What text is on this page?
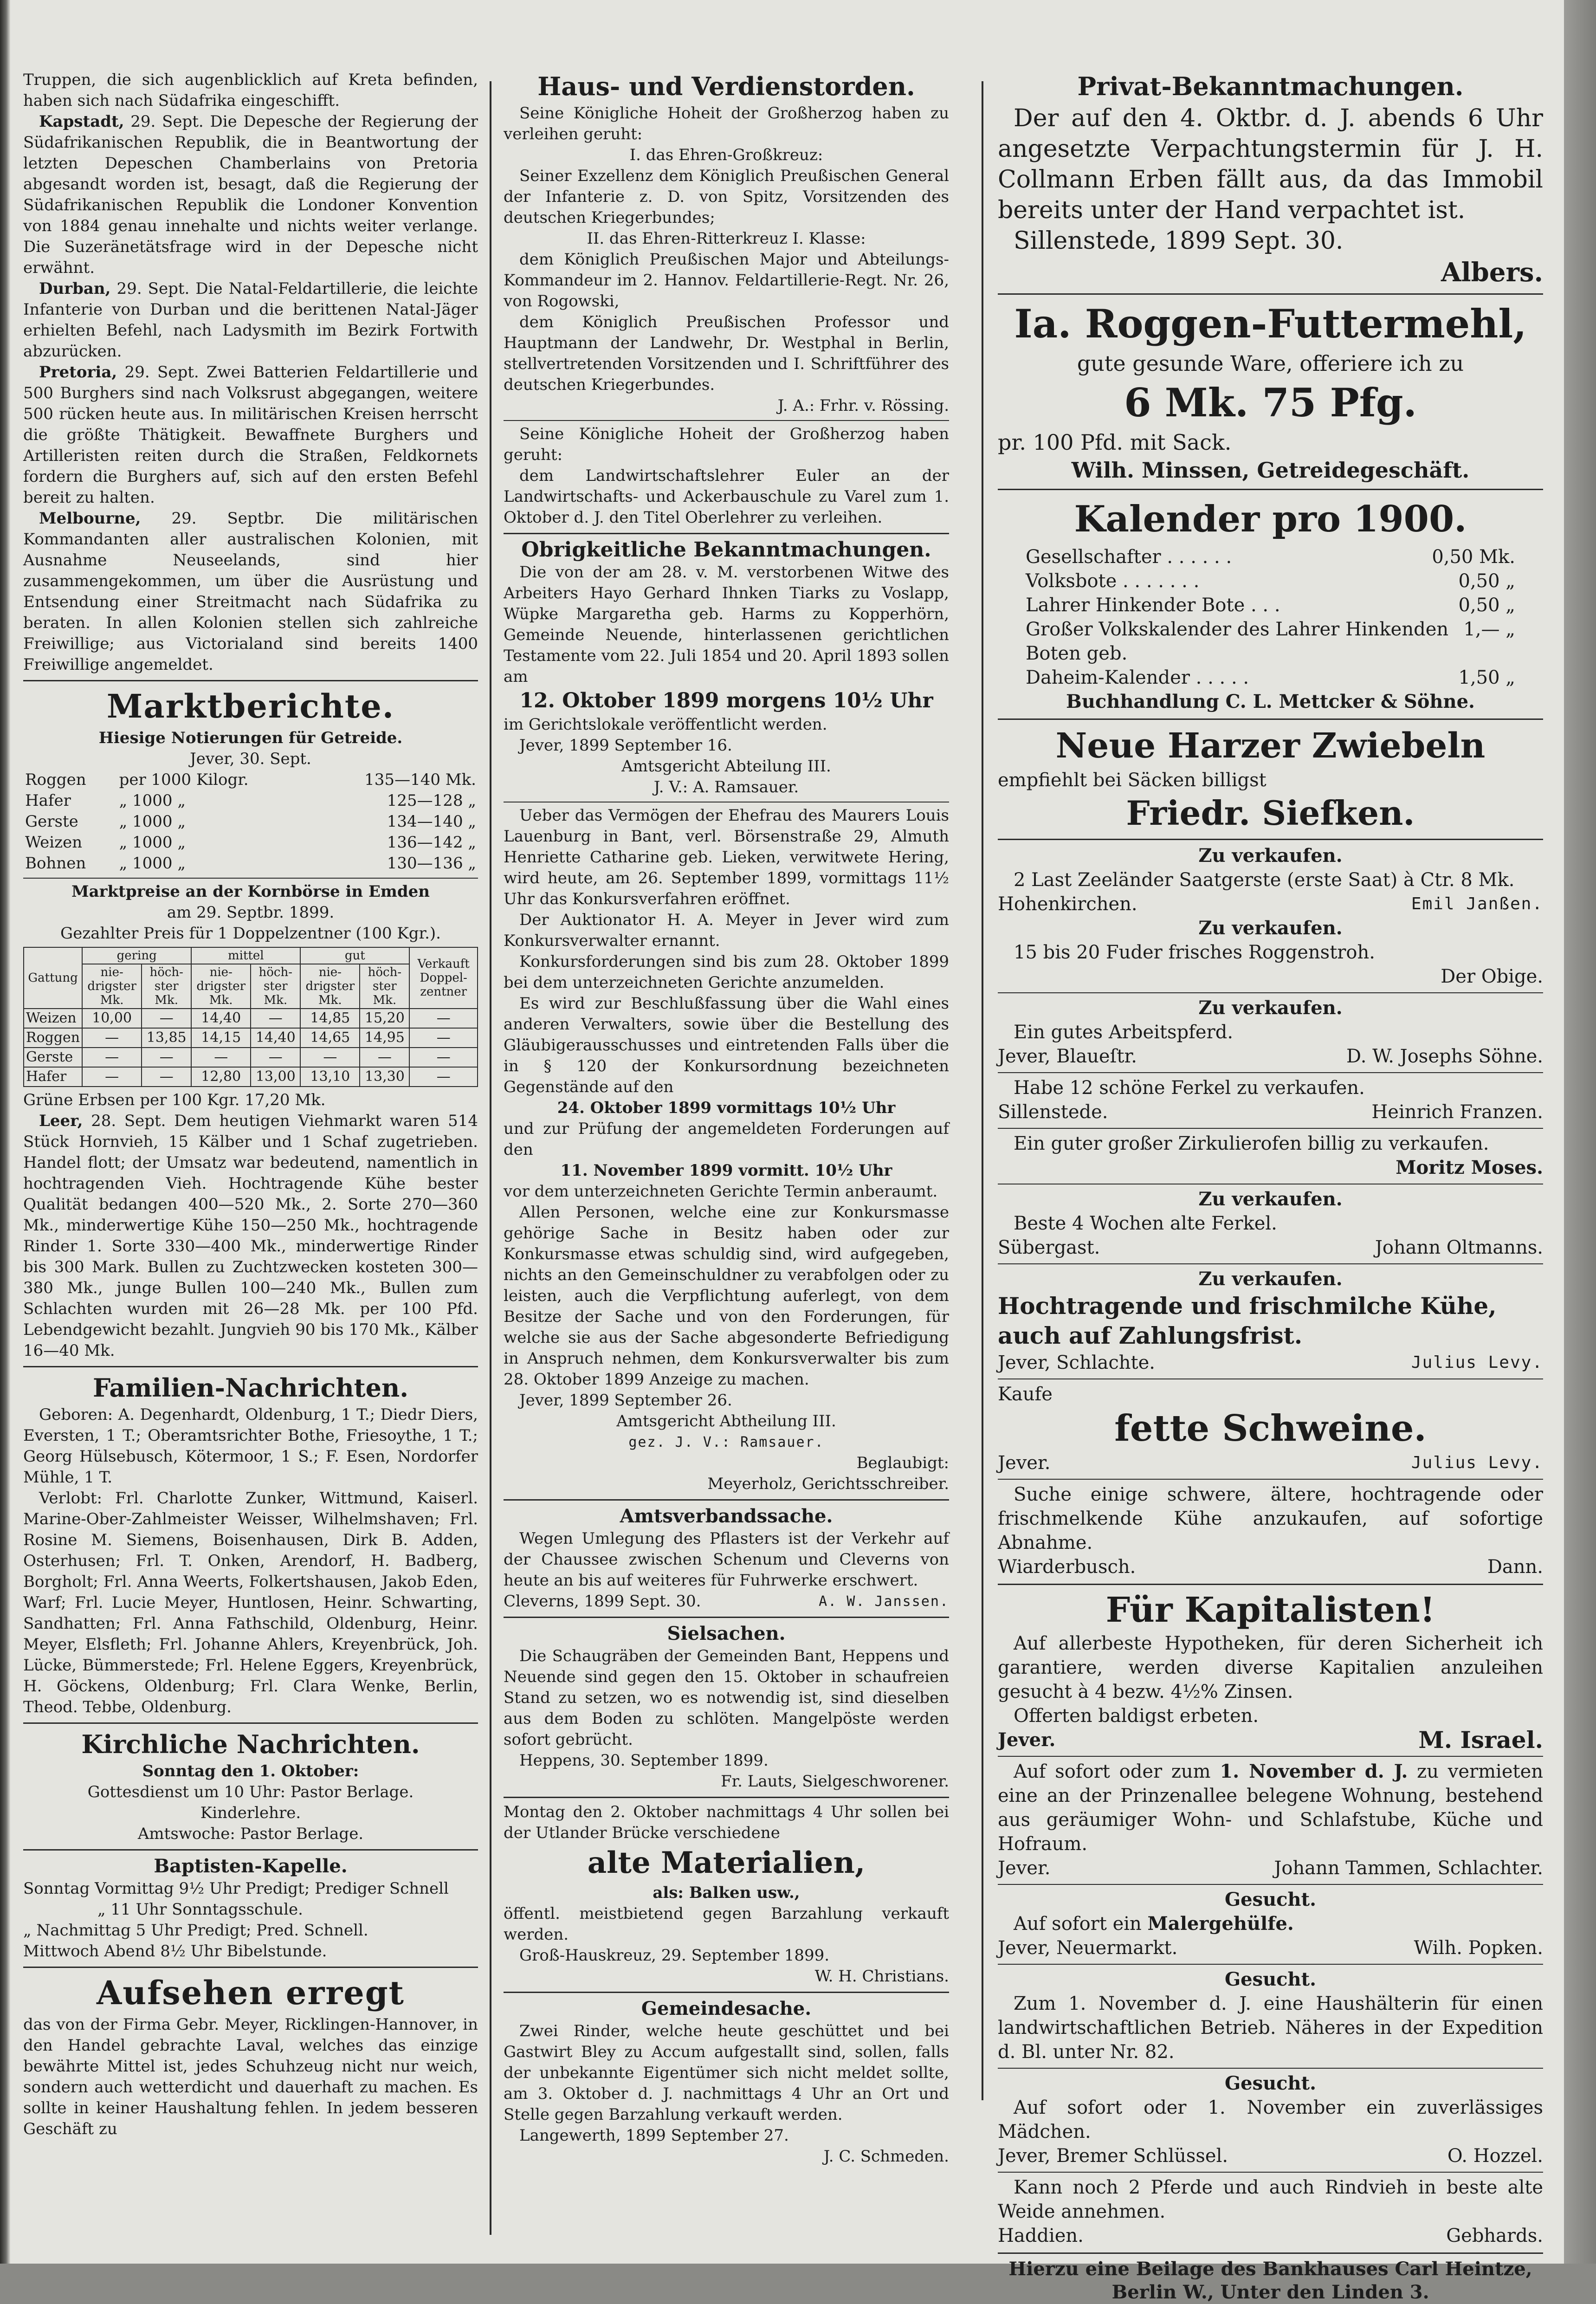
Truppen, die sich augenblicklich auf Kreta befinden, haben sich nach Südafrika eingeschifft.

Kapstadt, 29. Sept. Die Depesche der Regierung der Südafrikanischen Republik, die in Beantwortung der letzten Depeschen Chamberlains von Pretoria abgesandt worden ist, besagt, daß die Regierung der Südafrikanischen Republik die Londoner Konvention von 1884 genau innehalte und nichts weiter verlange. Die Suzeränetätsfrage wird in der Depesche nicht erwähnt.

Durban, 29. Sept. Die Natal-Feldartillerie, die leichte Infanterie von Durban und die berittenen Natal-Jäger erhielten Befehl, nach Ladysmith im Bezirk Fortwith abzurücken.

Pretoria, 29. Sept. Zwei Batterien Feldartillerie und 500 Burghers sind nach Volksrust abgegangen, weitere 500 rücken heute aus. In militärischen Kreisen herrscht die größte Thätigkeit. Bewaffnete Burghers und Artilleristen reiten durch die Straßen, Feldkornets fordern die Burghers auf, sich auf den ersten Befehl bereit zu halten.

Melbourne, 29. Septbr. Die militärischen Kommandanten aller australischen Kolonien, mit Ausnahme Neuseelands, sind hier zusammengekommen, um über die Ausrüstung und Entsendung einer Streitmacht nach Südafrika zu beraten. In allen Kolonien stellen sich zahlreiche Freiwillige; aus Victorialand sind bereits 1400 Freiwillige angemeldet.

Marktberichte.
Hiesige Notierungen für Getreide.
Jever, 30. Sept.
Roggen	per 1000 Kilogr.	135—140 Mk.
Hafer	„ 1000 „	125—128 „
Gerste	„ 1000 „	134—140 „
Weizen	„ 1000 „	136—142 „
Bohnen	„ 1000 „	130—136 „
Marktpreise an der Kornbörse in Emden
am 29. Septbr. 1899.
Gezahlter Preis für 1 Doppelzentner (100 Kgr.).
Gattung	gering		mittel		gut		Verkauft Doppel-zentner
	nie-drigster Mk.	höch-ster Mk.	nie-drigster Mk.	höch-ster Mk.	nie-drigster Mk.	höch-ster Mk.	
Weizen	10,00	—	14,40	—	14,85	15,20	—
Roggen	—	13,85	14,15	14,40	14,65	14,95	—
Gerste	—	—	—	—	—	—	—
Hafer	—	—	12,80	13,00	13,10	13,30	—

Grüne Erbsen per 100 Kgr. 17,20 Mk.

Leer, 28. Sept. Dem heutigen Viehmarkt waren 514 Stück Hornvieh, 15 Kälber und 1 Schaf zugetrieben. Handel flott; der Umsatz war bedeutend, namentlich in hochtragenden Vieh. Hochtragende Kühe bester Qualität bedangen 400—520 Mk., 2. Sorte 270—360 Mk., minderwertige Kühe 150—250 Mk., hochtragende Rinder 1. Sorte 330—400 Mk., minderwertige Rinder bis 300 Mark. Bullen zu Zuchtzwecken kosteten 300—380 Mk., junge Bullen 100—240 Mk., Bullen zum Schlachten wurden mit 26—28 Mk. per 100 Pfd. Lebendgewicht bezahlt. Jungvieh 90 bis 170 Mk., Kälber 16—40 Mk.

Familien-Nachrichten.

Geboren: A. Degenhardt, Oldenburg, 1 T.; Diedr Diers, Eversten, 1 T.; Oberamtsrichter Bothe, Friesoythe, 1 T.; Georg Hülsebusch, Kötermoor, 1 S.; F. Esen, Nordorfer Mühle, 1 T.

Verlobt: Frl. Charlotte Zunker, Wittmund, Kaiserl. Marine-Ober-Zahlmeister Weisser, Wilhelmshaven; Frl. Rosine M. Siemens, Boisenhausen, Dirk B. Adden, Osterhusen; Frl. T. Onken, Arendorf, H. Badberg, Borgholt; Frl. Anna Weerts, Folkertshausen, Jakob Eden, Warf; Frl. Lucie Meyer, Huntlosen, Heinr. Schwarting, Sandhatten; Frl. Anna Fathschild, Oldenburg, Heinr. Meyer, Elsfleth; Frl. Johanne Ahlers, Kreyenbrück, Joh. Lücke, Bümmerstede; Frl. Helene Eggers, Kreyenbrück, H. Göckens, Oldenburg; Frl. Clara Wenke, Berlin, Theod. Tebbe, Oldenburg.

Kirchliche Nachrichten.
Sonntag den 1. Oktober:
Gottesdienst um 10 Uhr: Pastor Berlage.
Kinderlehre.
Amtswoche: Pastor Berlage.
Baptisten-Kapelle.
Sonntag Vormittag 9½ Uhr Predigt; Prediger Schnell
„ 11 Uhr Sonntagsschule.
„ Nachmittag 5 Uhr Predigt; Pred. Schnell.
Mittwoch Abend 8½ Uhr Bibelstunde.
Aufsehen erregt

das von der Firma Gebr. Meyer, Ricklingen-Hannover, in den Handel gebrachte Laval, welches das einzige bewährte Mittel ist, jedes Schuhzeug nicht nur weich, sondern auch wetterdicht und dauerhaft zu machen. Es sollte in keiner Haushaltung fehlen. In jedem besseren Geschäft zu

Haus- und Verdienstorden.

Seine Königliche Hoheit der Großherzog haben zu verleihen geruht:

I. das Ehren-Großkreuz:

Seiner Exzellenz dem Königlich Preußischen General der Infanterie z. D. von Spitz, Vorsitzenden des deutschen Kriegerbundes;

II. das Ehren-Ritterkreuz I. Klasse:

dem Königlich Preußischen Major und Abteilungs-Kommandeur im 2. Hannov. Feldartillerie-Regt. Nr. 26, von Rogowski,

dem Königlich Preußischen Professor und Hauptmann der Landwehr, Dr. Westphal in Berlin, stellvertretenden Vorsitzenden und I. Schriftführer des deutschen Kriegerbundes.

J. A.: Frhr. v. Rössing.

Seine Königliche Hoheit der Großherzog haben geruht:

dem Landwirtschaftslehrer Euler an der Landwirtschafts- und Ackerbauschule zu Varel zum 1. Oktober d. J. den Titel Oberlehrer zu verleihen.

Obrigkeitliche Bekanntmachungen.

Die von der am 28. v. M. verstorbenen Witwe des Arbeiters Hayo Gerhard Ihnken Tiarks zu Voslapp, Wüpke Margaretha geb. Harms zu Kopperhörn, Gemeinde Neuende, hinterlassenen gerichtlichen Testamente vom 22. Juli 1854 und 20. April 1893 sollen am

12. Oktober 1899 morgens 10½ Uhr

im Gerichtslokale veröffentlicht werden.

Jever, 1899 September 16.
Amtsgericht Abteilung III.
J. V.: A. Ramsauer.

Ueber das Vermögen der Ehefrau des Maurers Louis Lauenburg in Bant, verl. Börsenstraße 29, Almuth Henriette Catharine geb. Lieken, verwitwete Hering, wird heute, am 26. September 1899, vormittags 11½ Uhr das Konkursverfahren eröffnet.

Der Auktionator H. A. Meyer in Jever wird zum Konkursverwalter ernannt.

Konkursforderungen sind bis zum 28. Oktober 1899 bei dem unterzeichneten Gerichte anzumelden.

Es wird zur Beschlußfassung über die Wahl eines anderen Verwalters, sowie über die Bestellung des Gläubigerausschusses und eintretenden Falls über die in § 120 der Konkursordnung bezeichneten Gegenstände auf den

24. Oktober 1899 vormittags 10½ Uhr

und zur Prüfung der angemeldeten Forderungen auf den

11. November 1899 vormitt. 10½ Uhr

vor dem unterzeichneten Gerichte Termin anberaumt.

Allen Personen, welche eine zur Konkursmasse gehörige Sache in Besitz haben oder zur Konkursmasse etwas schuldig sind, wird aufgegeben, nichts an den Gemeinschuldner zu verabfolgen oder zu leisten, auch die Verpflichtung auferlegt, von dem Besitze der Sache und von den Forderungen, für welche sie aus der Sache abgesonderte Befriedigung in Anspruch nehmen, dem Konkursverwalter bis zum 28. Oktober 1899 Anzeige zu machen.

Jever, 1899 September 26.
Amtsgericht Abtheilung III.
gez. J. V.: Ramsauer.
Beglaubigt:
Meyerholz, Gerichtsschreiber.
Amtsverbandssache.

Wegen Umlegung des Pflasters ist der Verkehr auf der Chaussee zwischen Schenum und Cleverns von heute an bis auf weiteres für Fuhrwerke erschwert.

Cleverns, 1899 Sept. 30.	A. W. Janssen.
Sielsachen.

Die Schaugräben der Gemeinden Bant, Heppens und Neuende sind gegen den 15. Oktober in schaufreien Stand zu setzen, wo es notwendig ist, sind dieselben aus dem Boden zu schlöten. Mangelpöste werden sofort gebrücht.

Heppens, 30. September 1899.
Fr. Lauts, Sielgeschworener.

Montag den 2. Oktober nachmittags 4 Uhr sollen bei der Utlander Brücke verschiedene

alte Materialien,
als: Balken usw.,

öffentl. meistbietend gegen Barzahlung verkauft werden.

Groß-Hauskreuz, 29. September 1899.
W. H. Christians.
Gemeindesache.

Zwei Rinder, welche heute geschüttet und bei Gastwirt Bley zu Accum aufgestallt sind, sollen, falls der unbekannte Eigentümer sich nicht meldet sollte, am 3. Oktober d. J. nachmittags 4 Uhr an Ort und Stelle gegen Barzahlung verkauft werden.

Langewerth, 1899 September 27.
J. C. Schmeden.
Privat-Bekanntmachungen.

Der auf den 4. Oktbr. d. J. abends 6 Uhr angesetzte Verpachtungstermin für J. H. Collmann Erben fällt aus, da das Immobil bereits unter der Hand verpachtet ist.

Sillenstede, 1899 Sept. 30.
Albers.
Ia. Roggen-Futtermehl,
gute gesunde Ware, offeriere ich zu
6 Mk. 75 Pfg.
pr. 100 Pfd. mit Sack.
Wilh. Minssen, Getreidegeschäft.
Kalender pro 1900.
Gesellschafter . . . . . .	0,50 Mk.
Volksbote . . . . . . .	0,50 „
Lahrer Hinkender Bote . . .	0,50 „
Großer Volkskalender des Lahrer Hinkenden Boten geb.
1,— „
Daheim-Kalender . . . . .	1,50 „
Buchhandlung C. L. Mettcker & Söhne.
Neue Harzer Zwiebeln
empfiehlt bei Säcken billigst
Friedr. Siefken.
Zu verkaufen.

2 Last Zeeländer Saatgerste (erste Saat) à Ctr. 8 Mk.

Hohenkirchen.	Emil Janßen.
Zu verkaufen.

15 bis 20 Fuder frisches Roggenstroh.

Der Obige.
Zu verkaufen.

Ein gutes Arbeitspferd.

Jever, Blaueſtr.	D. W. Josephs Söhne.

Habe 12 schöne Ferkel zu verkaufen.

Sillenstede.	Heinrich Franzen.

Ein guter großer Zirkulierofen billig zu verkaufen.

Moritz Moses.
Zu verkaufen.

Beste 4 Wochen alte Ferkel.

Sübergast.	Johann Oltmanns.
Zu verkaufen.
Hochtragende und frischmilche Kühe, auch auf Zahlungsfrist.
Jever, Schlachte.	Julius Levy.
Kaufe
fette Schweine.
Jever.	Julius Levy.

Suche einige schwere, ältere, hochtragende oder frischmelkende Kühe anzukaufen, auf sofortige Abnahme.

Wiarderbusch.	Dann.
Für Kapitalisten!

Auf allerbeste Hypotheken, für deren Sicherheit ich garantiere, werden diverse Kapitalien anzuleihen gesucht à 4 bezw. 4½% Zinsen.

Offerten baldigst erbeten.
Jever.	M. Israel.

Auf sofort oder zum 1. November d. J. zu vermieten eine an der Prinzenallee belegene Wohnung, bestehend aus geräumiger Wohn- und Schlafstube, Küche und Hofraum.

Jever.	Johann Tammen, Schlachter.
Gesucht.

Auf sofort ein Malergehülfe.

Jever, Neuermarkt.	Wilh. Popken.
Gesucht.

Zum 1. November d. J. eine Haushälterin für einen landwirtschaftlichen Betrieb. Näheres in der Expedition d. Bl. unter Nr. 82.

Gesucht.

Auf sofort oder 1. November ein zuverlässiges Mädchen.

Jever, Bremer Schlüssel.	O. Hozzel.

Kann noch 2 Pferde und auch Rindvieh in beste alte Weide annehmen.

Haddien.	Gebhards.

Hierzu eine Beilage des Bankhauses Carl Heintze, Berlin W., Unter den Linden 3.
